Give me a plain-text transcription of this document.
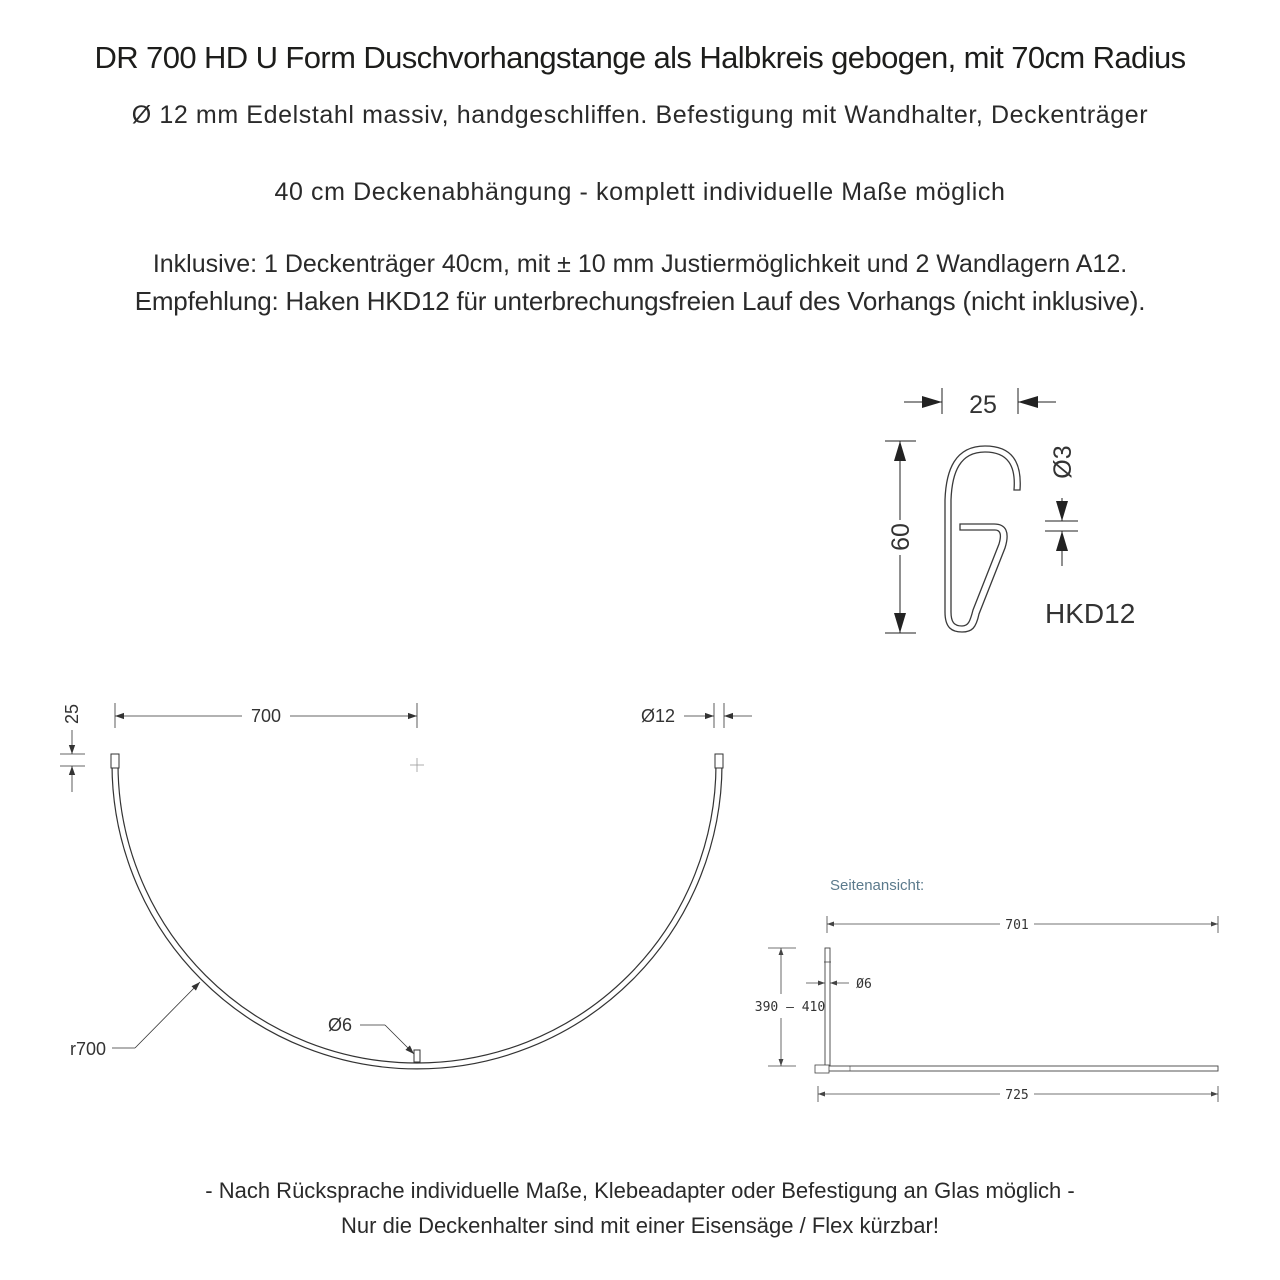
DR 700 HD U Form Duschvorhangstange als Halbkreis gebogen, mit 70cm Radius
Ø 12 mm Edelstahl massiv, handgeschliffen. Befestigung mit Wandhalter, Deckenträger
40 cm Deckenabhängung - komplett individuelle Maße möglich
Inklusive: 1 Deckenträger 40cm, mit ± 10 mm Justiermöglichkeit und 2 Wandlagern A12.
Empfehlung: Haken HKD12 für unterbrechungsfreien Lauf des Vorhangs (nicht inklusive).
25
60
Ø3
HKD12
25	700	Ø12
r700
Ø6
Seitenansicht:
701
390 – 410
Ø6
725
- Nach Rücksprache individuelle Maße, Klebeadapter oder Befestigung an Glas möglich -
Nur die Deckenhalter sind mit einer Eisensäge / Flex kürzbar!
